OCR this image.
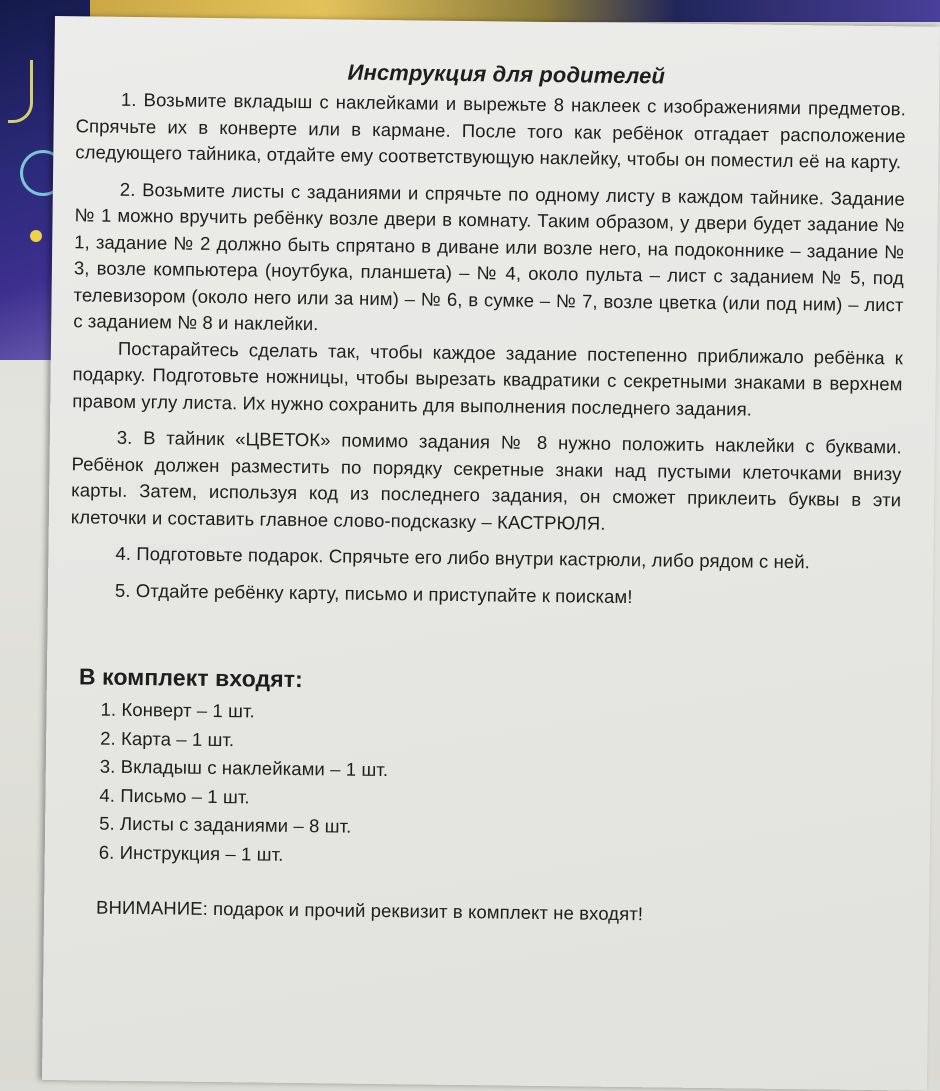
Инструкция для родителей

1. Возьмите вкладыш с наклейками и вырежьте 8 наклеек с изображениями предметов. Спрячьте их в конверте или в кармане. После того как ребёнок отгадает расположение следующего тайника, отдайте ему соответствующую наклейку, чтобы он поместил её на карту.

2. Возьмите листы с заданиями и спрячьте по одному листу в каждом тайнике. Задание № 1 можно вручить ребёнку возле двери в комнату. Таким образом, у двери будет задание № 1, задание № 2 должно быть спрятано в диване или возле него, на подоконнике – задание № 3, возле компьютера (ноутбука, планшета) – № 4, около пульта – лист с заданием № 5, под телевизором (около него или за ним) – № 6, в сумке – № 7, возле цветка (или под ним) – лист с заданием № 8 и наклейки.

Постарайтесь сделать так, чтобы каждое задание постепенно приближало ребёнка к подарку. Подготовьте ножницы, чтобы вырезать квадратики с секретными знаками в верхнем правом углу листа. Их нужно сохранить для выполнения последнего задания.

3. В тайник «ЦВЕТОК» помимо задания № 8 нужно положить наклейки с буквами. Ребёнок должен разместить по порядку секретные знаки над пустыми клеточками внизу карты. Затем, используя код из последнего задания, он сможет приклеить буквы в эти клеточки и составить главное слово-подсказку – КАСТРЮЛЯ.

4. Подготовьте подарок. Спрячьте его либо внутри кастрюли, либо рядом с ней.

5. Отдайте ребёнку карту, письмо и приступайте к поискам!

В комплект входят:
1. Конверт – 1 шт.
2. Карта – 1 шт.
3. Вкладыш с наклейками – 1 шт.
4. Письмо – 1 шт.
5. Листы с заданиями – 8 шт.
6. Инструкция – 1 шт.

ВНИМАНИЕ: подарок и прочий реквизит в комплект не входят!
